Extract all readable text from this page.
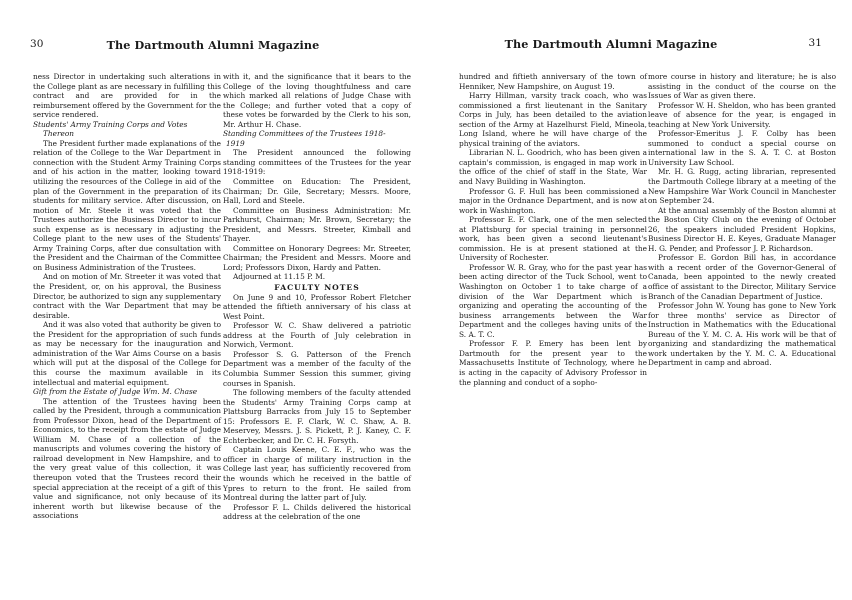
30	The Dartmouth Alumni Magazine

ness Director in undertaking such alterations in the College plant as are necessary in fulfilling this contract and are provided for in the reimbursement offered by the Government for the service rendered.

Students' Army Training Corps and Votes

Thereon

The President further made explanations of the relation of the College to the War Department in connection with the Student Army Training Corps and of his action in the matter, looking toward utilizing the resources of the College in aid of the plan of the Government in the preparation of its students for military service. After discussion, on motion of Mr. Steele it was voted that the Trustees authorize the Business Director to incur such expense as is necessary in adjusting the College plant to the new uses of the Students' Army Training Corps, after due consultation with the President and the Chairman of the Committee on Business Administration of the Trustees.

And on motion of Mr. Streeter it was voted that the President, or, on his approval, the Business Director, be authorized to sign any supplementary contract with the War Department that may be desirable.

And it was also voted that authority be given to the President for the appropriation of such funds as may be necessary for the inauguration and administration of the War Aims Course on a basis which will put at the disposal of the College for this course the maximum available in its intellectual and material equipment.

Gift from the Estate of Judge Wm. M. Chase

The attention of the Trustees having been called by the President, through a communication from Professor Dixon, head of the Department of Economics, to the receipt from the estate of Judge William M. Chase of a collection of the manuscripts and volumes covering the history of railroad development in New Hampshire, and to the very great value of this collection, it was thereupon voted that the Trustees record their special appreciation at the receipt of a gift of this value and significance, not only because of its inherent worth but likewise because of the associations

with it, and the significance that it bears to the College of the loving thoughtfulness and care which marked all relations of Judge Chase with the College; and further voted that a copy of these votes be forwarded by the Clerk to his son, Mr. Arthur H. Chase.

Standing Committees of the Trustees 1918-

1919

The President announced the following standing committees of the Trustees for the year 1918-1919:

Committee on Education: The President, Chairman; Dr. Gile, Secretary; Messrs. Moore, Hall, Lord and Steele.

Committee on Business Administration: Mr. Parkhurst, Chairman; Mr. Brown, Secretary; the President, and Messrs. Streeter, Kimball and Thayer.

Committee on Honorary Degrees: Mr. Streeter, Chairman; the President and Messrs. Moore and Lord; Professors Dixon, Hardy and Patten.

Adjourned at 11.15 P. M.

FACULTY NOTES

On June 9 and 10, Professor Robert Fletcher attended the fiftieth anniversary of his class at West Point.

Professor W. C. Shaw delivered a patriotic address at the Fourth of July celebration in Norwich, Vermont.

Professor S. G. Patterson of the French Department was a member of the faculty of the Columbia Summer Session this summer, giving courses in Spanish.

The following members of the faculty attended the Students' Army Training Corps camp at Plattsburg Barracks from July 15 to September 15: Professors E. F. Clark, W. C. Shaw, A. B. Meservey, Messrs. J. S. Pickett, P. J. Kaney, C. F. Echterbecker, and Dr. C. H. Forsyth.

Captain Louis Keene, C. E. F., who was the officer in charge of military instruction in the College last year, has sufficiently recovered from the wounds which he received in the battle of Ypres to return to the front. He sailed from Montreal during the latter part of July.

Professor F. L. Childs delivered the historical address at the celebration of the one

The Dartmouth Alumni Magazine	31

hundred and fiftieth anniversary of the town of Henniker, New Hampshire, on August 19.

Harry Hillman, varsity track coach, who was commissioned a first lieutenant in the Sanitary Corps in July, has been detailed to the aviation section of the Army at Hazelhurst Field, Mineola, Long Island, where he will have charge of the physical training of the aviators.

Librarian N. L. Goodrich, who has been given a captain's commission, is engaged in map work in the office of the chief of staff in the State, War and Navy Building in Washington.

Professor G. F. Hull has been commissioned a major in the Ordnance Department, and is now at work in Washington.

Professor E. F. Clark, one of the men selected at Plattsburg for special training in personnel work, has been given a second lieutenant's commission. He is at present stationed at the University of Rochester.

Professor W. R. Gray, who for the past year has been acting director of the Tuck School, went to Washington on October 1 to take charge of a division of the War Department which is organizing and operating the accounting of the business arrangements between the War Department and the colleges having units of the S. A. T. C.

Professor F. P. Emery has been lent by Dartmouth for the present year to the Massachusetts Institute of Technology, where he is acting in the capacity of Advisory Professor in the planning and conduct of a sopho-

more course in history and literature; he is also assisting in the conduct of the course on the Issues of War as given there.

Professor W. H. Sheldon, who has been granted leave of absence for the year, is engaged in teaching at New York University.

Professor-Emeritus J. F. Colby has been summoned to conduct a special course on international law in the S. A. T. C. at Boston University Law School.

Mr. H. G. Rugg, acting librarian, represented the Dartmouth College library at a meeting of the New Hampshire War Work Council in Manchester on September 24.

At the annual assembly of the Boston alumni at the Boston City Club on the evening of October 26, the speakers included President Hopkins, Business Director H. E. Keyes, Graduate Manager H. G. Pender, and Professor J. P. Richardson.

Professor E. Gordon Bill has, in accordance with a recent order of the Governor-General of Canada, been appointed to the newly created office of assistant to the Director, Military Service Branch of the Canadian Department of Justice.

Professor John W. Young has gone to New York for three months' service as Director of Instruction in Mathematics with the Educational Bureau of the Y. M. C. A. His work will be that of organizing and standardizing the mathematical work undertaken by the Y. M. C. A. Educational Department in camp and abroad.
